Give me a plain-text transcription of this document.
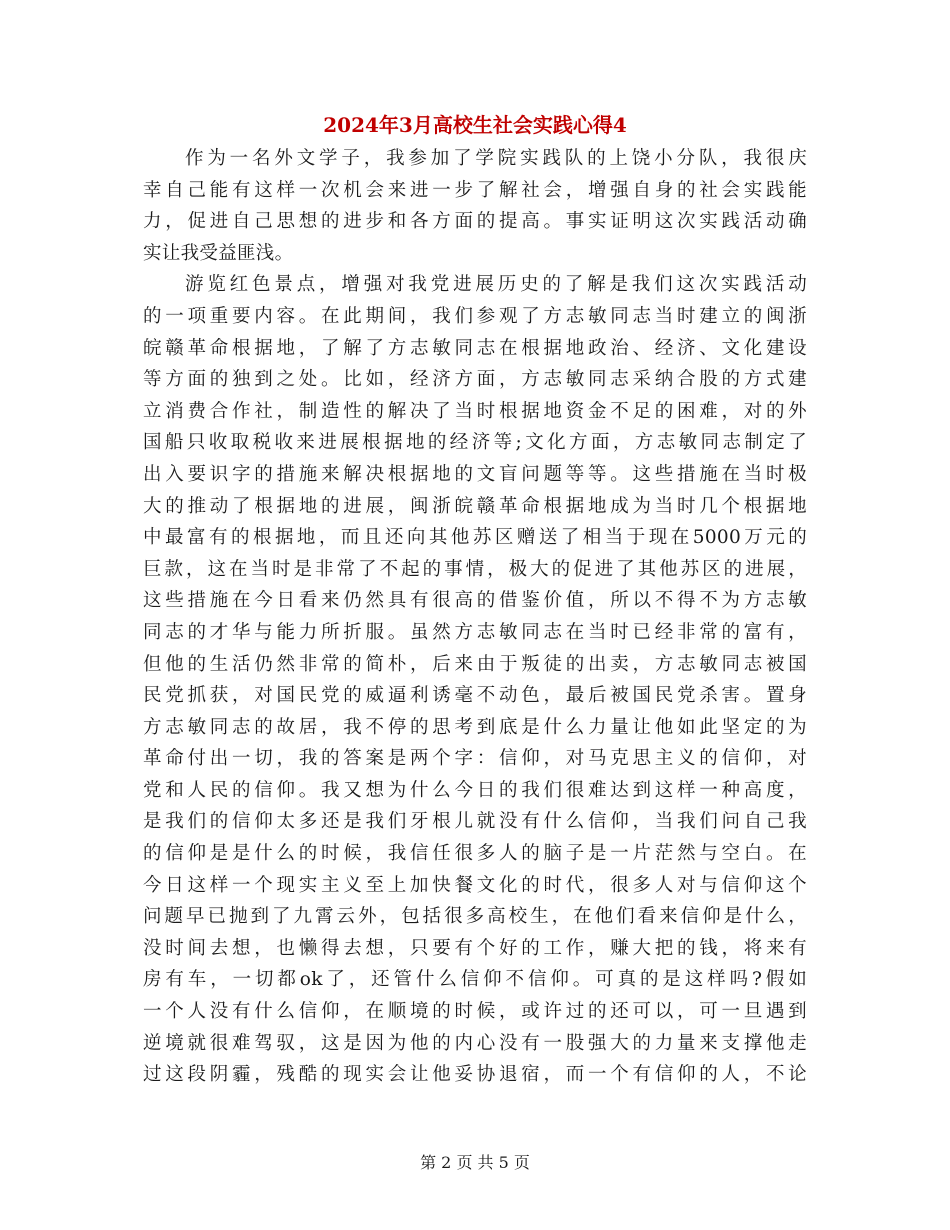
2024年3月高校生社会实践心得4
作为一名外文学子，我参加了学院实践队的上饶小分队，我很庆
幸自己能有这样一次机会来进一步了解社会，增强自身的社会实践能
力，促进自己思想的进步和各方面的提高。事实证明这次实践活动确
实让我受益匪浅。
游览红色景点，增强对我党进展历史的了解是我们这次实践活动
的一项重要内容。在此期间，我们参观了方志敏同志当时建立的闽浙
皖赣革命根据地，了解了方志敏同志在根据地政治、经济、文化建设
等方面的独到之处。比如，经济方面，方志敏同志采纳合股的方式建
立消费合作社，制造性的解决了当时根据地资金不足的困难，对的外
国船只收取税收来进展根据地的经济等;文化方面，方志敏同志制定了
出入要识字的措施来解决根据地的文盲问题等等。这些措施在当时极
大的推动了根据地的进展，闽浙皖赣革命根据地成为当时几个根据地
中最富有的根据地，而且还向其他苏区赠送了相当于现在5000万元的
巨款，这在当时是非常了不起的事情，极大的促进了其他苏区的进展，
这些措施在今日看来仍然具有很高的借鉴价值，所以不得不为方志敏
同志的才华与能力所折服。虽然方志敏同志在当时已经非常的富有，
但他的生活仍然非常的简朴，后来由于叛徒的出卖，方志敏同志被国
民党抓获，对国民党的威逼利诱毫不动色，最后被国民党杀害。置身
方志敏同志的故居，我不停的思考到底是什么力量让他如此坚定的为
革命付出一切，我的答案是两个字：信仰，对马克思主义的信仰，对
党和人民的信仰。我又想为什么今日的我们很难达到这样一种高度，
是我们的信仰太多还是我们牙根儿就没有什么信仰，当我们问自己我
的信仰是是什么的时候，我信任很多人的脑子是一片茫然与空白。在
今日这样一个现实主义至上加快餐文化的时代，很多人对与信仰这个
问题早已抛到了九霄云外，包括很多高校生，在他们看来信仰是什么，
没时间去想，也懒得去想，只要有个好的工作，赚大把的钱，将来有
房有车，一切都ok了，还管什么信仰不信仰。可真的是这样吗?假如
一个人没有什么信仰，在顺境的时候，或许过的还可以，可一旦遇到
逆境就很难驾驭，这是因为他的内心没有一股强大的力量来支撑他走
过这段阴霾，残酷的现实会让他妥协退宿，而一个有信仰的人，不论
第 2 页 共 5 页
